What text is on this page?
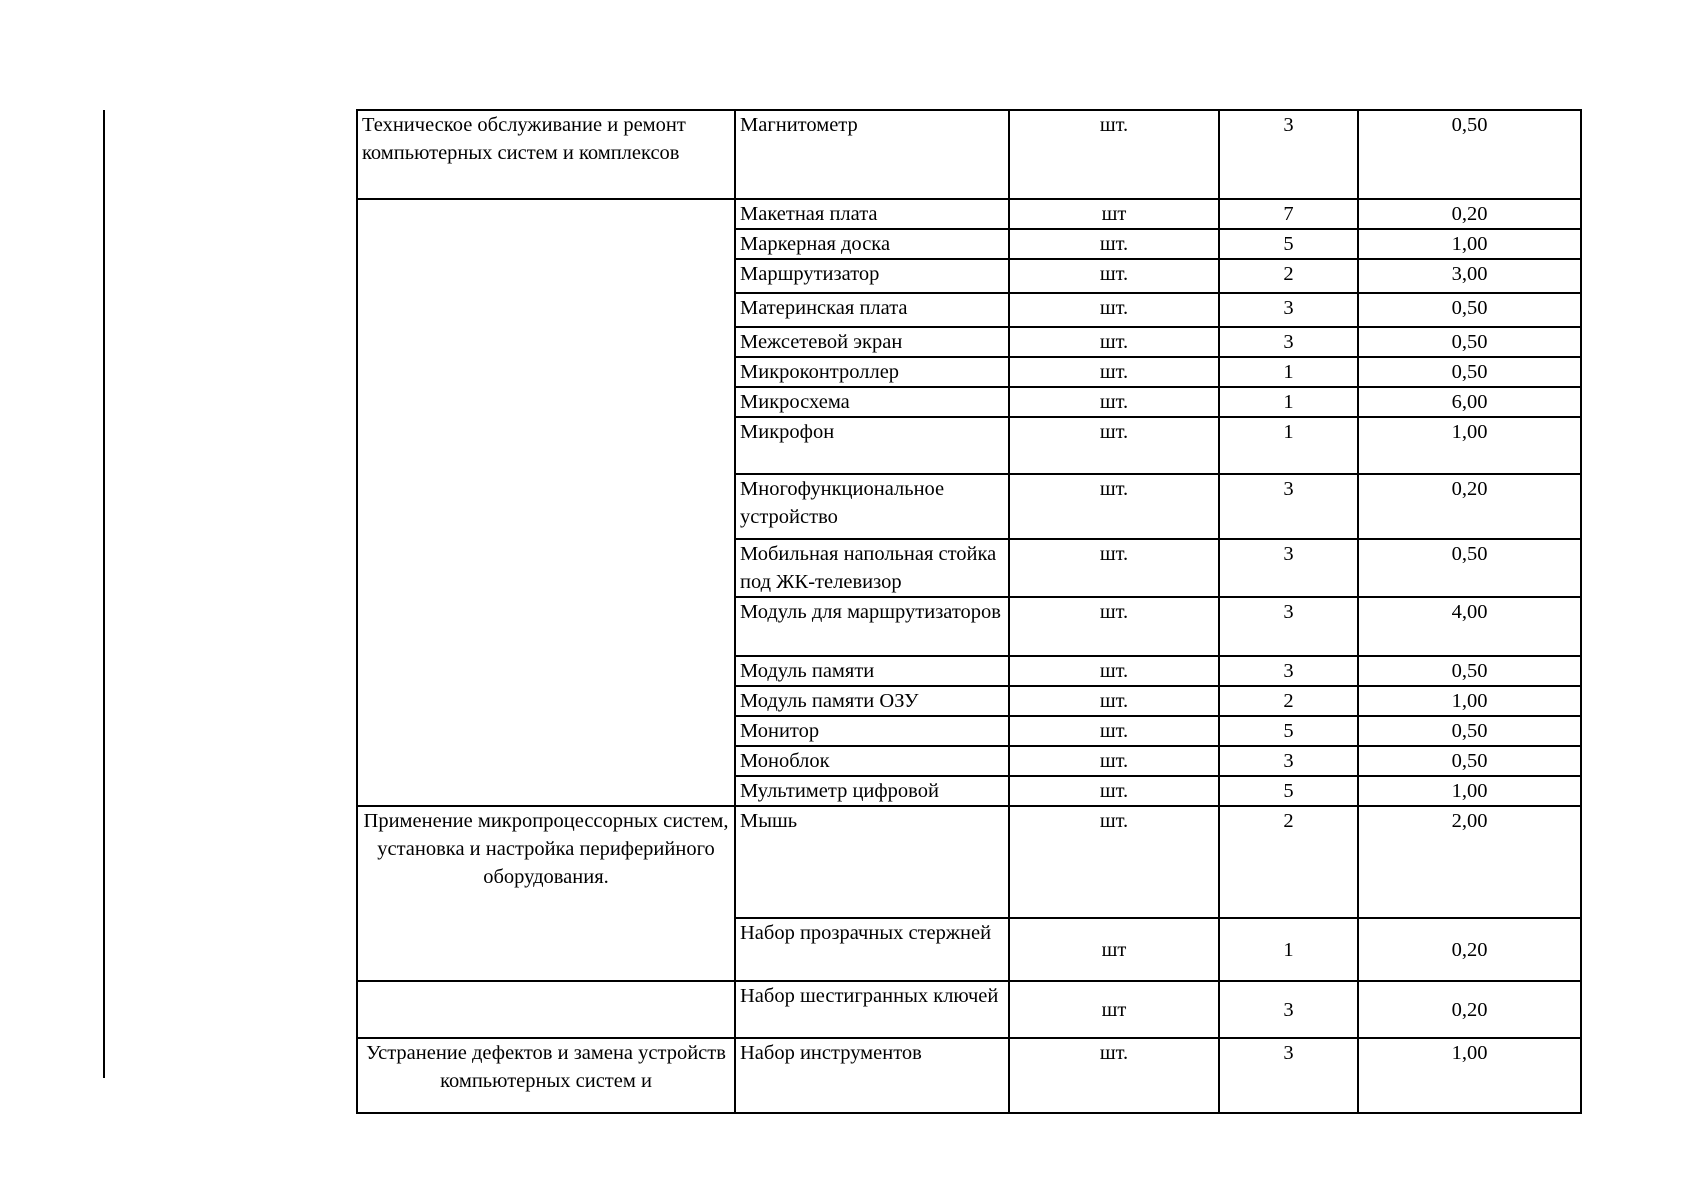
Техническое обслуживание и ремонт компьютерных систем и комплексов	Магнитометр	шт.	3	0,50
	Макетная плата	шт	7	0,20
	Маркерная доска	шт.	5	1,00
	Маршрутизатор	шт.	2	3,00
	Материнская плата	шт.	3	0,50
	Межсетевой экран	шт.	3	0,50
	Микроконтроллер	шт.	1	0,50
	Микросхема	шт.	1	6,00
	Микрофон	шт.	1	1,00
	Многофункциональное устройство	шт.	3	0,20
	Мобильная напольная стойка под ЖК-телевизор	шт.	3	0,50
	Модуль для маршрутизаторов	шт.	3	4,00
	Модуль памяти	шт.	3	0,50
	Модуль памяти ОЗУ	шт.	2	1,00
	Монитор	шт.	5	0,50
	Моноблок	шт.	3	0,50
	Мультиметр цифровой	шт.	5	1,00
Применение микропроцессорных систем, установка и настройка периферийного оборудования.	Мышь	шт.	2	2,00
	Набор прозрачных стержней	шт	1	0,20
	Набор шестигранных ключей	шт	3	0,20
Устранение дефектов и замена устройств компьютерных систем и	Набор инструментов	шт.	3	1,00
